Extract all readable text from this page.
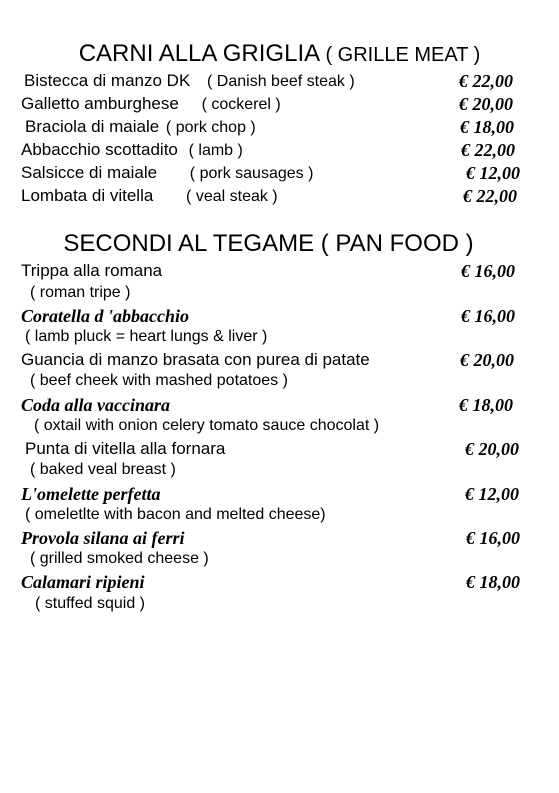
CARNI ALLA GRIGLIA ( GRILLE MEAT )
Bistecca di manzo DK ( Danish beef steak )	€ 22,00
Galletto amburghese ( cockerel )	€ 20,00
Braciola di maiale ( pork chop )	€ 18,00
Abbacchio scottadito ( lamb )	€ 22,00
Salsicce di maiale ( pork sausages )	€ 12,00
Lombata di vitella ( veal steak )	€ 22,00
SECONDI AL TEGAME ( PAN FOOD )
Trippa alla romana	€ 16,00
( roman tripe )
Coratella d 'abbacchio	€ 16,00
( lamb pluck = heart lungs & liver )
Guancia di manzo brasata con purea di patate	€ 20,00
( beef cheek with mashed potatoes )
Coda alla vaccinara	€ 18,00
( oxtail with onion celery tomato sauce chocolat )
Punta di vitella alla fornara	€ 20,00
( baked veal breast )
L'omelette perfetta	€ 12,00
( omeletlte with bacon and melted cheese)
Provola silana ai ferri	€ 16,00
( grilled smoked cheese )
Calamari ripieni	€ 18,00
( stuffed squid )
